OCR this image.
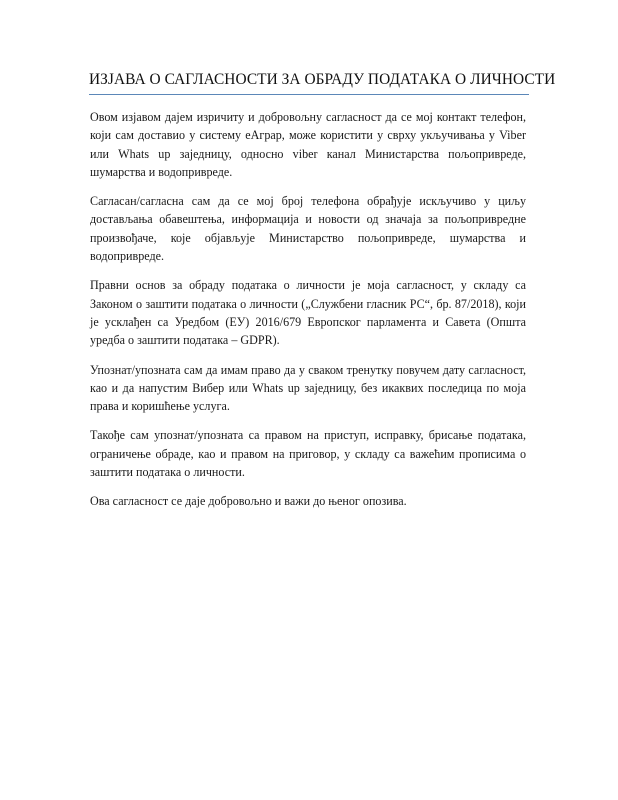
ИЗЈАВА О САГЛАСНОСТИ ЗА ОБРАДУ ПОДАТАКА О ЛИЧНОСТИ

Овом изјавом дајем изричиту и добровољну сагласност да се мој контакт телефон, који сам доставио у систему еАграр, може користити у сврху укључивања у Viber или Whats up заједницу, односно viber канал Министарства пољопривреде, шумарства и водопривреде.

Сагласан/сагласна сам да се мој број телефона обрађује искључиво у циљу достављања обавештења, информација и новости од значаја за пољопривредне произвођаче, које објављује Министарство пољопривреде, шумарства и водопривреде.

Правни основ за обраду података о личности је моја сагласност, у складу са Законом о заштити података о личности („Службени гласник РС“, бр. 87/2018), који је усклађен са Уредбом (ЕУ) 2016/679 Европског парламента и Савета (Општа уредба о заштити података – GDPR).

Упознат/упозната сам да имам право да у сваком тренутку повучем дату сагласност, као и да напустим Вибер или Whats up заједницу, без икаквих последица по моја права и коришћење услуга.

Такође сам упознат/упозната са правом на приступ, исправку, брисање података, ограничење обраде, као и правом на приговор, у складу са важећим прописима о заштити података о личности.

Ова сагласност се даје добровољно и важи до њеног опозива.
